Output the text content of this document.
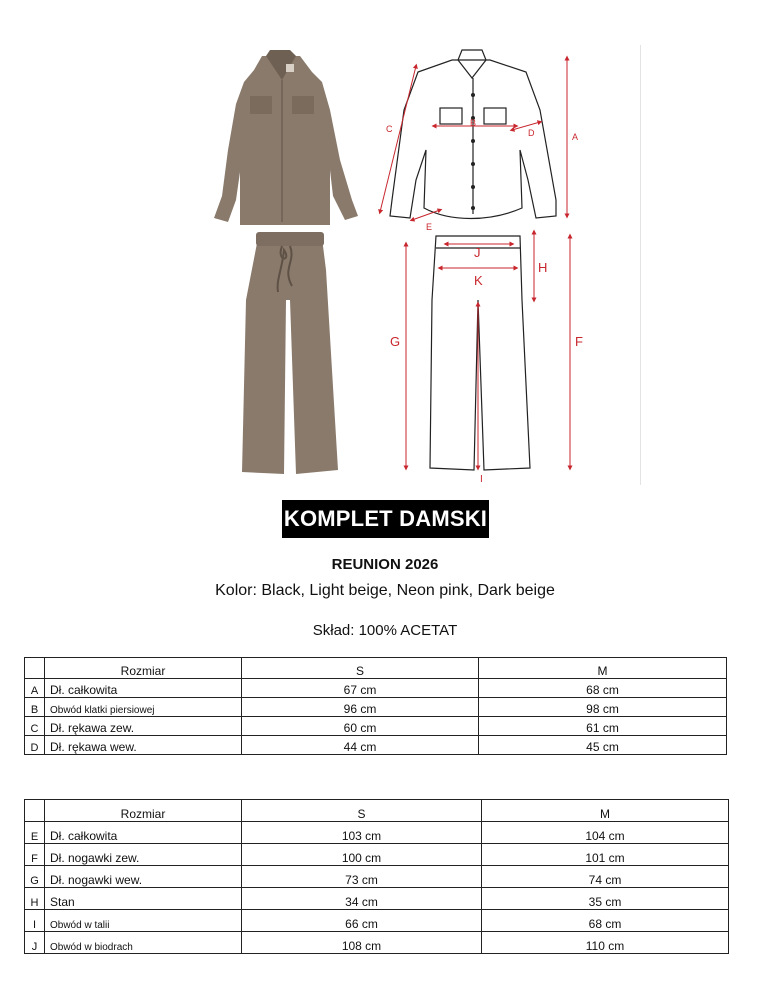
A
B
C
E
D
F
G
H
I
J
K
KOMPLET DAMSKI
REUNION 2026
Kolor: Black, Light beige, Neon pink, Dark beige
Skład: 100% ACETAT
	Rozmiar	S	M
A	Dł. całkowita	67 cm	68 cm
B	Obwód klatki piersiowej	96 cm	98 cm
C	Dł. rękawa zew.	60 cm	61 cm
D	Dł. rękawa wew.	44 cm	45 cm
	Rozmiar	S	M
E	Dł. całkowita	103 cm	104 cm
F	Dł. nogawki zew.	100 cm	101 cm
G	Dł. nogawki wew.	73 cm	74 cm
H	Stan	34 cm	35 cm
I	Obwód w talii	66 cm	68 cm
J	Obwód w biodrach	108 cm	110 cm
